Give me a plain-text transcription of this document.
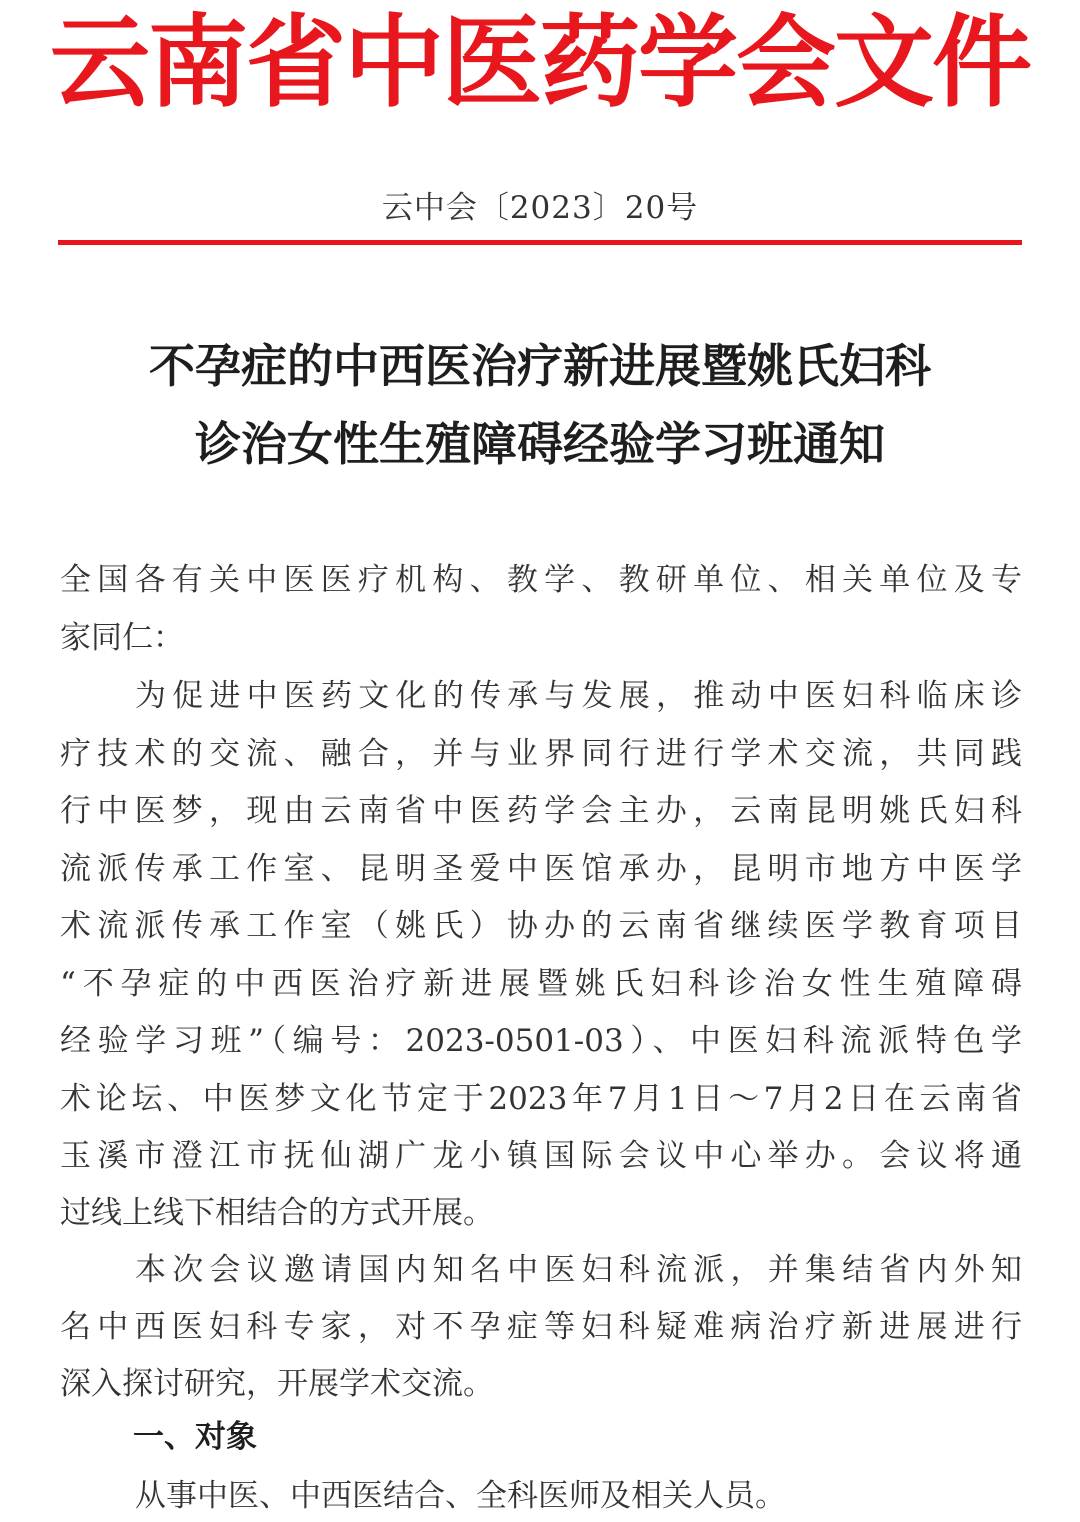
云南省中医药学会文件
云中会〔2023〕20号
不孕症的中西医治疗新进展暨姚氏妇科
诊治女性生殖障碍经验学习班通知
全国各有关中医医疗机构、教学、教研单位、相关单位及专
家同仁：
为促进中医药文化的传承与发展，推动中医妇科临床诊
疗技术的交流、融合，并与业界同行进行学术交流，共同践
行中医梦，现由云南省中医药学会主办，云南昆明姚氏妇科
流派传承工作室、昆明圣爱中医馆承办，昆明市地方中医学
术流派传承工作室（姚氏）协办的云南省继续医学教育项目
“不孕症的中西医治疗新进展暨姚氏妇科诊治女性生殖障碍
经验学习班”（编号：2023-0501-03）、中医妇科流派特色学
术论坛、中医梦文化节定于2023年7月1日～7月2日在云南省
玉溪市澄江市抚仙湖广龙小镇国际会议中心举办。会议将通
过线上线下相结合的方式开展。
本次会议邀请国内知名中医妇科流派，并集结省内外知
名中西医妇科专家，对不孕症等妇科疑难病治疗新进展进行
深入探讨研究，开展学术交流。
一、对象
从事中医、中西医结合、全科医师及相关人员。
